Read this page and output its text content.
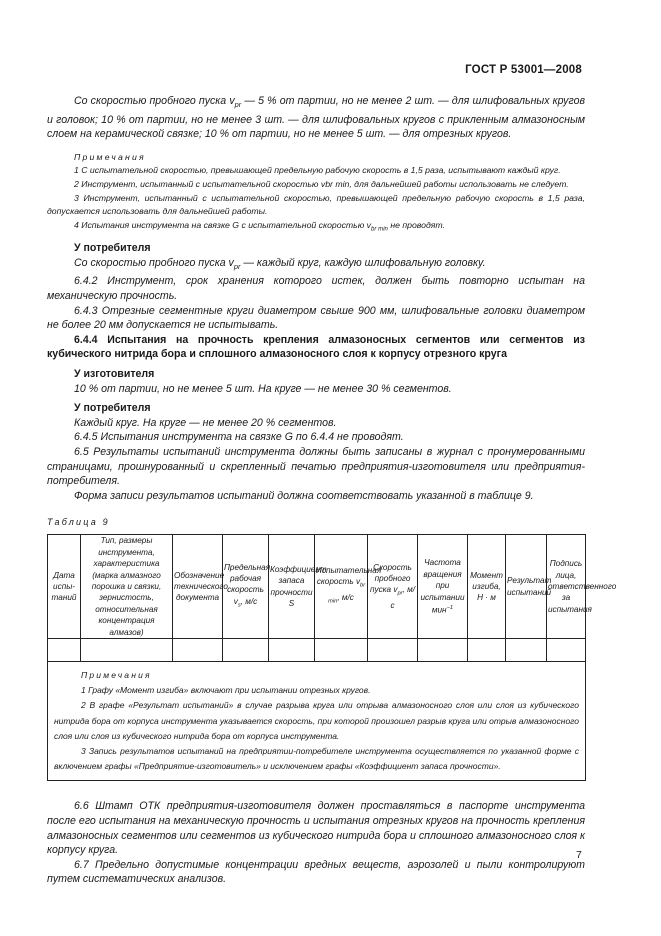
ГОСТ Р 53001—2008

Со скоростью пробного пуска $v_{pr}$ — 5 % от партии, но не менее 2 шт. — для шлифовальных кругов и головок; 10 % от партии, но не менее 3 шт. — для шлифовальных кругов с прикленным алмазоносным слоем на керамической связке; 10 % от партии, но не менее 5 шт. — для отрезных кругов.

Примечания

1 С испытательной скоростью, превышающей предельную рабочую скорость в 1,5 раза, испытывают каждый круг.

2 Инструмент, испытанный с испытательной скоростью vbr min, для дальнейшей работы использовать не следует.

3 Инструмент, испытанный с испытательной скоростью, превышающей предельную рабочую скорость в 1,5 раза, допускается использовать для дальнейшей работы.

4 Испытания инструмента на связке G с испытательной скоростью $v_{br min}$ не проводят.

У потребителя

Со скоростью пробного пуска $v_{pr}$ — каждый круг, каждую шлифовальную головку.

6.4.2 Инструмент, срок хранения которого истек, должен быть повторно испытан на механическую прочность.

6.4.3 Отрезные сегментные круги диаметром свыше 900 мм, шлифовальные головки диаметром не более 20 мм допускается не испытывать.

6.4.4 Испытания на прочность крепления алмазоносных сегментов или сегментов из кубического нитрида бора и сплошного алмазоносного слоя к корпусу отрезного круга

У изготовителя

10 % от партии, но не менее 5 шт. На круге — не менее 30 % сегментов.

У потребителя

Каждый круг. На круге — не менее 20 % сегментов.

6.4.5 Испытания инструмента на связке G по 6.4.4 не проводят.

6.5 Результаты испытаний инструмента должны быть записаны в журнал с пронумерованными страницами, прошнурованный и скрепленный печатью предприятия-изготовителя или предприятия-потребителя.

Форма записи результатов испытаний должна соответствовать указанной в таблице 9.

Таблица 9
Дата испы-таний	Тип, размеры инструмента, характеристика (марка алмазного порошка и связки, зернистость, относительная концентрация алмазов)	Обозначение технического документа	Предельная рабочая скорость $v_s$, м/с	Коэффициент запаса прочности S	Испытательная скорость $v_{br min}$, м/с	Скорость пробного пуска $v_{pr}$, м/с	Частота вращения при испытании мин$^{-1}$	Момент изгиба, Н · м	Результат испытаний	Подпись лица, ответственного за испытания

Примечания

1 Графу «Момент изгиба» включают при испытании отрезных кругов.

2 В графе «Результат испытаний» в случае разрыва круга или отрыва алмазоносного слоя или слоя из кубического нитрида бора от корпуса инструмента указывается скорость, при которой произошел разрыв круга или отрыв алмазоносного слоя или слоя из кубического нитрида бора от корпуса инструмента.

3 Запись результатов испытаний на предприятии-потребителе инструмента осуществляется по указанной форме с включением графы «Предприятие-изготовитель» и исключением графы «Коэффициент запаса прочности».										

6.6 Штамп ОТК предприятия-изготовителя должен проставляться в паспорте инструмента после его испытания на механическую прочность и испытания отрезных кругов на прочность крепления алмазоносных сегментов или сегментов из кубического нитрида бора и сплошного алмазоносного слоя к корпусу круга.

6.7 Предельно допустимые концентрации вредных веществ, аэрозолей и пыли контролируют путем систематических анализов.

7
